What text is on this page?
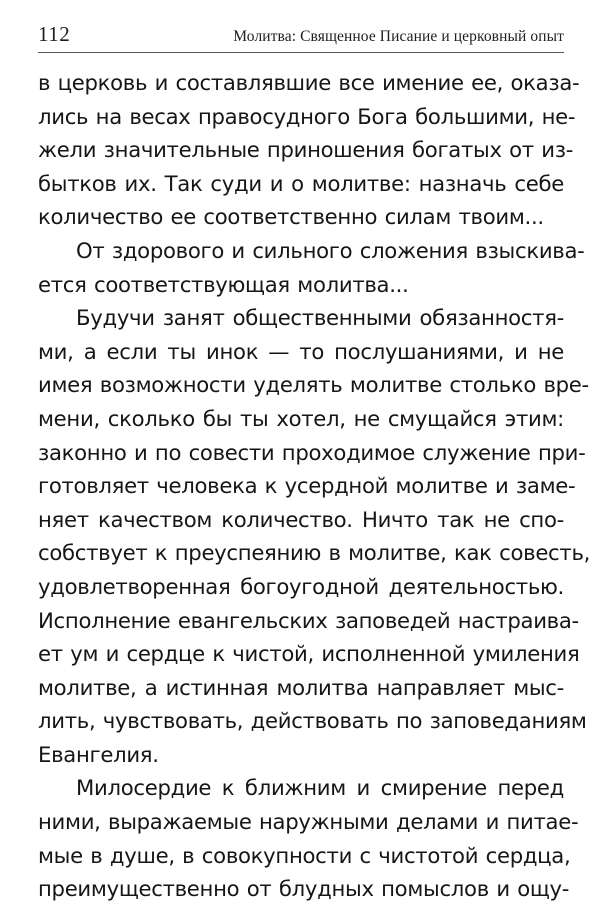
112	Молитва: Священное Писание и церковный опыт
в церковь и составлявшие все имение ее, оказа-
лись на весах правосудного Бога большими, не-
жели значительные приношения богатых от из-
бытков их. Так суди и о молитве: назначь себе
количество ее соответственно силам твоим...
От здорового и сильного сложения взыскива-
ется соответствующая молитва...
Будучи занят общественными обязанностя-
ми, а если ты инок — то послушаниями, и не
имея возможности уделять молитве столько вре-
мени, сколько бы ты хотел, не смущайся этим:
законно и по совести проходимое служение при-
готовляет человека к усердной молитве и заме-
няет качеством количество. Ничто так не спо-
собствует к преуспеянию в молитве, как совесть,
удовлетворенная богоугодной деятельностью.
Исполнение евангельских заповедей настраива-
ет ум и сердце к чистой, исполненной умиления
молитве, а истинная молитва направляет мыс-
лить, чувствовать, действовать по заповеданиям
Евангелия.
Милосердие к ближним и смирение перед
ними, выражаемые наружными делами и питае-
мые в душе, в совокупности с чистотой сердца,
преимущественно от блудных помыслов и ощу-
